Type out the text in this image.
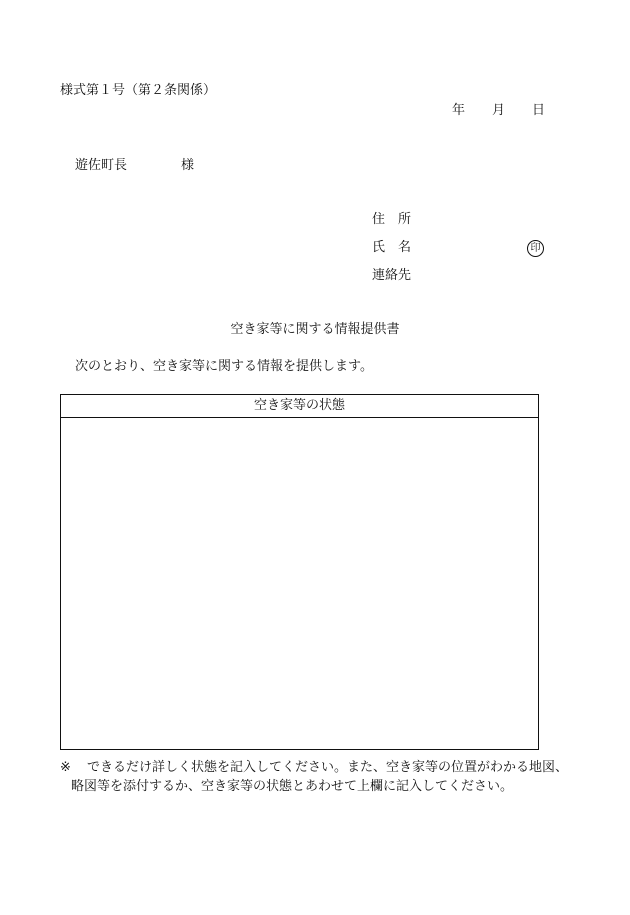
様式第１号（第２条関係）
年 月 日
遊佐町長	様
住所
氏名	印
連絡先
空き家等に関する情報提供書
次のとおり、空き家等に関する情報を提供します。
空き家等の状態
※ できるだけ詳しく状態を記入してください。また、空き家等の位置がわかる地図、
略図等を添付するか、空き家等の状態とあわせて上欄に記入してください。
